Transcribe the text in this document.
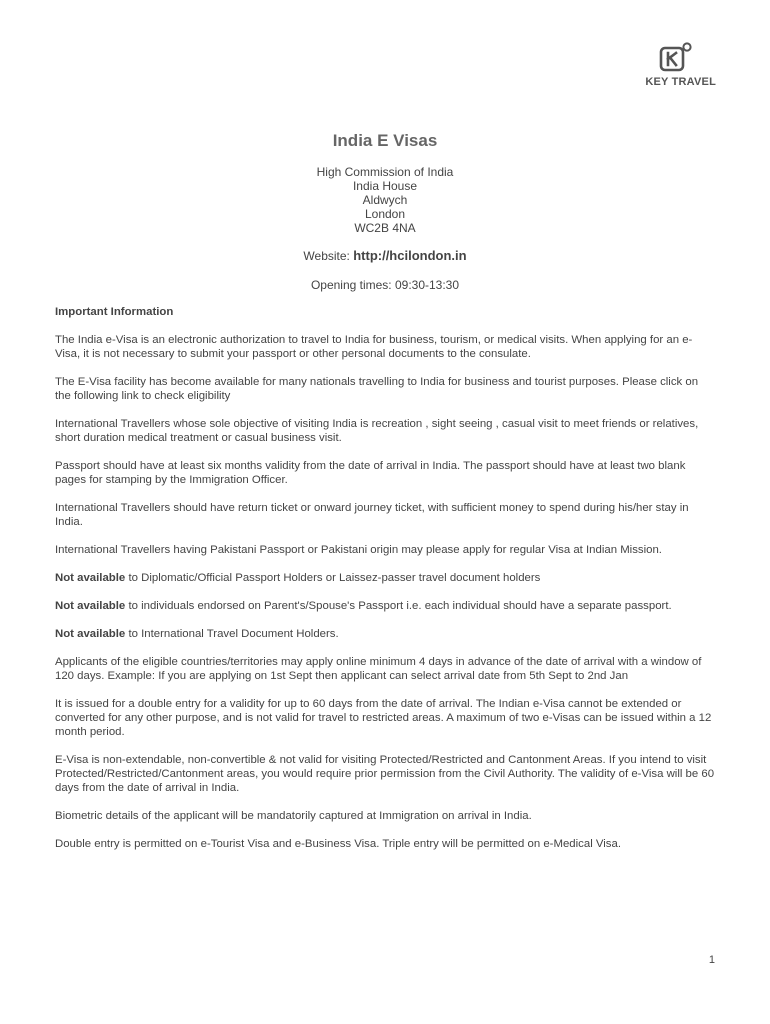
KEY TRAVEL
India E Visas
High Commission of India
India House
Aldwych
London
WC2B 4NA
Website: http://hcilondon.in
Opening times: 09:30-13:30

Important Information

The India e-Visa is an electronic authorization to travel to India for business, tourism, or medical visits. When applying for an e-Visa, it is not necessary to submit your passport or other personal documents to the consulate.

The E-Visa facility has become available for many nationals travelling to India for business and tourist purposes. Please click on the following link to check eligibility

International Travellers whose sole objective of visiting India is recreation , sight seeing , casual visit to meet friends or relatives, short duration medical treatment or casual business visit.

Passport should have at least six months validity from the date of arrival in India. The passport should have at least two blank pages for stamping by the Immigration Officer.

International Travellers should have return ticket or onward journey ticket, with sufficient money to spend during his/her stay in India.

International Travellers having Pakistani Passport or Pakistani origin may please apply for regular Visa at Indian Mission.

Not available to Diplomatic/Official Passport Holders or Laissez-passer travel document holders

Not available to individuals endorsed on Parent's/Spouse's Passport i.e. each individual should have a separate passport.

Not available to International Travel Document Holders.

Applicants of the eligible countries/territories may apply online minimum 4 days in advance of the date of arrival with a window of 120 days. Example: If you are applying on 1st Sept then applicant can select arrival date from 5th Sept to 2nd Jan

It is issued for a double entry for a validity for up to 60 days from the date of arrival. The Indian e-Visa cannot be extended or converted for any other purpose, and is not valid for travel to restricted areas. A maximum of two e-Visas can be issued within a 12 month period.

E-Visa is non-extendable, non-convertible & not valid for visiting Protected/Restricted and Cantonment Areas. If you intend to visit Protected/Restricted/Cantonment areas, you would require prior permission from the Civil Authority. The validity of e-Visa will be 60 days from the date of arrival in India.

Biometric details of the applicant will be mandatorily captured at Immigration on arrival in India.

Double entry is permitted on e-Tourist Visa and e-Business Visa. Triple entry will be permitted on e-Medical Visa.

1
